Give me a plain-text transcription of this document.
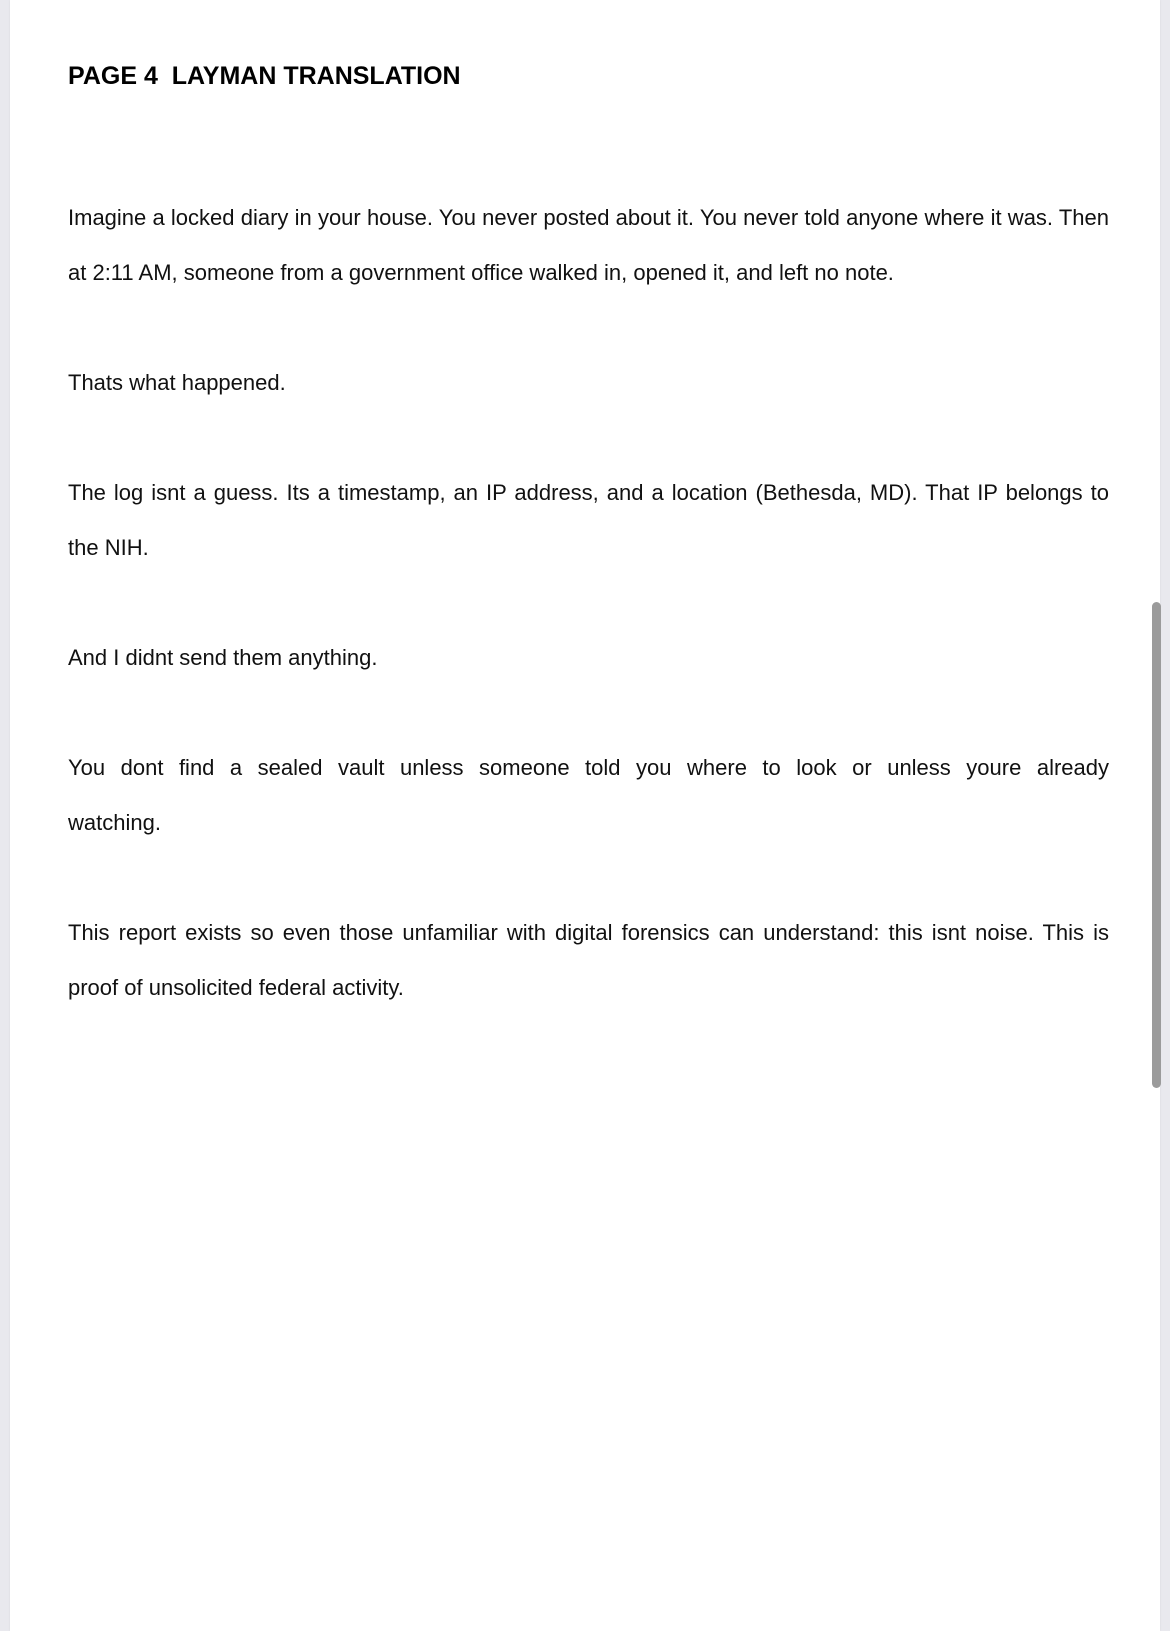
PAGE 4  LAYMAN TRANSLATION

Imagine a locked diary in your house. You never posted about it. You never told anyone where it was. Then at 2:11 AM, someone from a government office walked in, opened it, and left no note.

Thats what happened.

The log isnt a guess. Its a timestamp, an IP address, and a location (Bethesda, MD). That IP belongs to the NIH.

And I didnt send them anything.

You dont find a sealed vault unless someone told you where to look or unless youre already watching.

This report exists so even those unfamiliar with digital forensics can understand: this isnt noise. This is proof of unsolicited federal activity.
